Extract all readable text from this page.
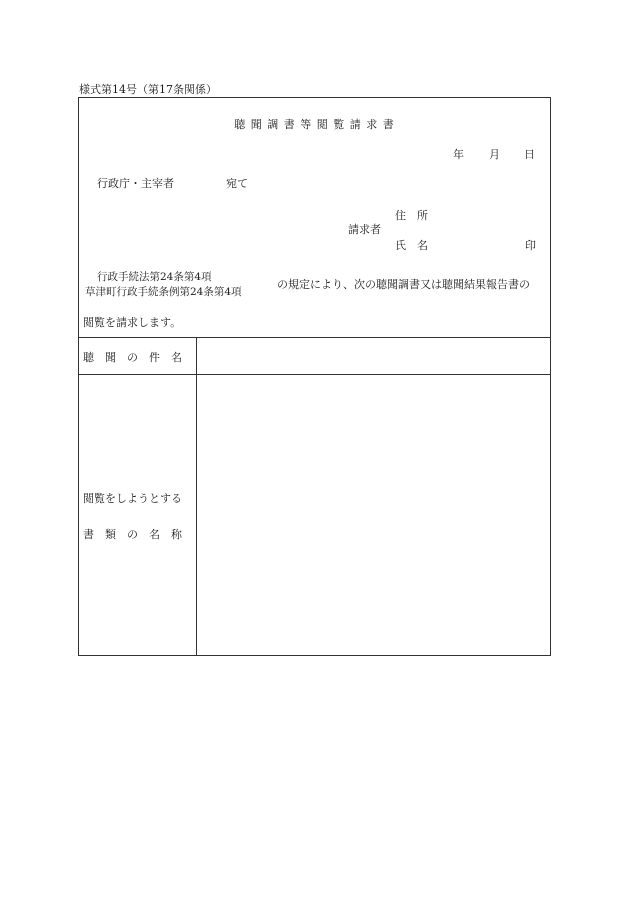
様式第14号（第17条関係）
聴 聞 調 書 等 閲 覧 請 求 書
年 月 日
行政庁・主宰者	宛て
請求者
住　所
氏　名	印
行政手続法第24条第4項
草津町行政手続条例第24条第4項
の規定により、次の聴聞調書又は聴聞結果報告書の
閲覧を請求します。
聴　聞　の　件　名
閲覧をしようとする
書　類　の　名　称
